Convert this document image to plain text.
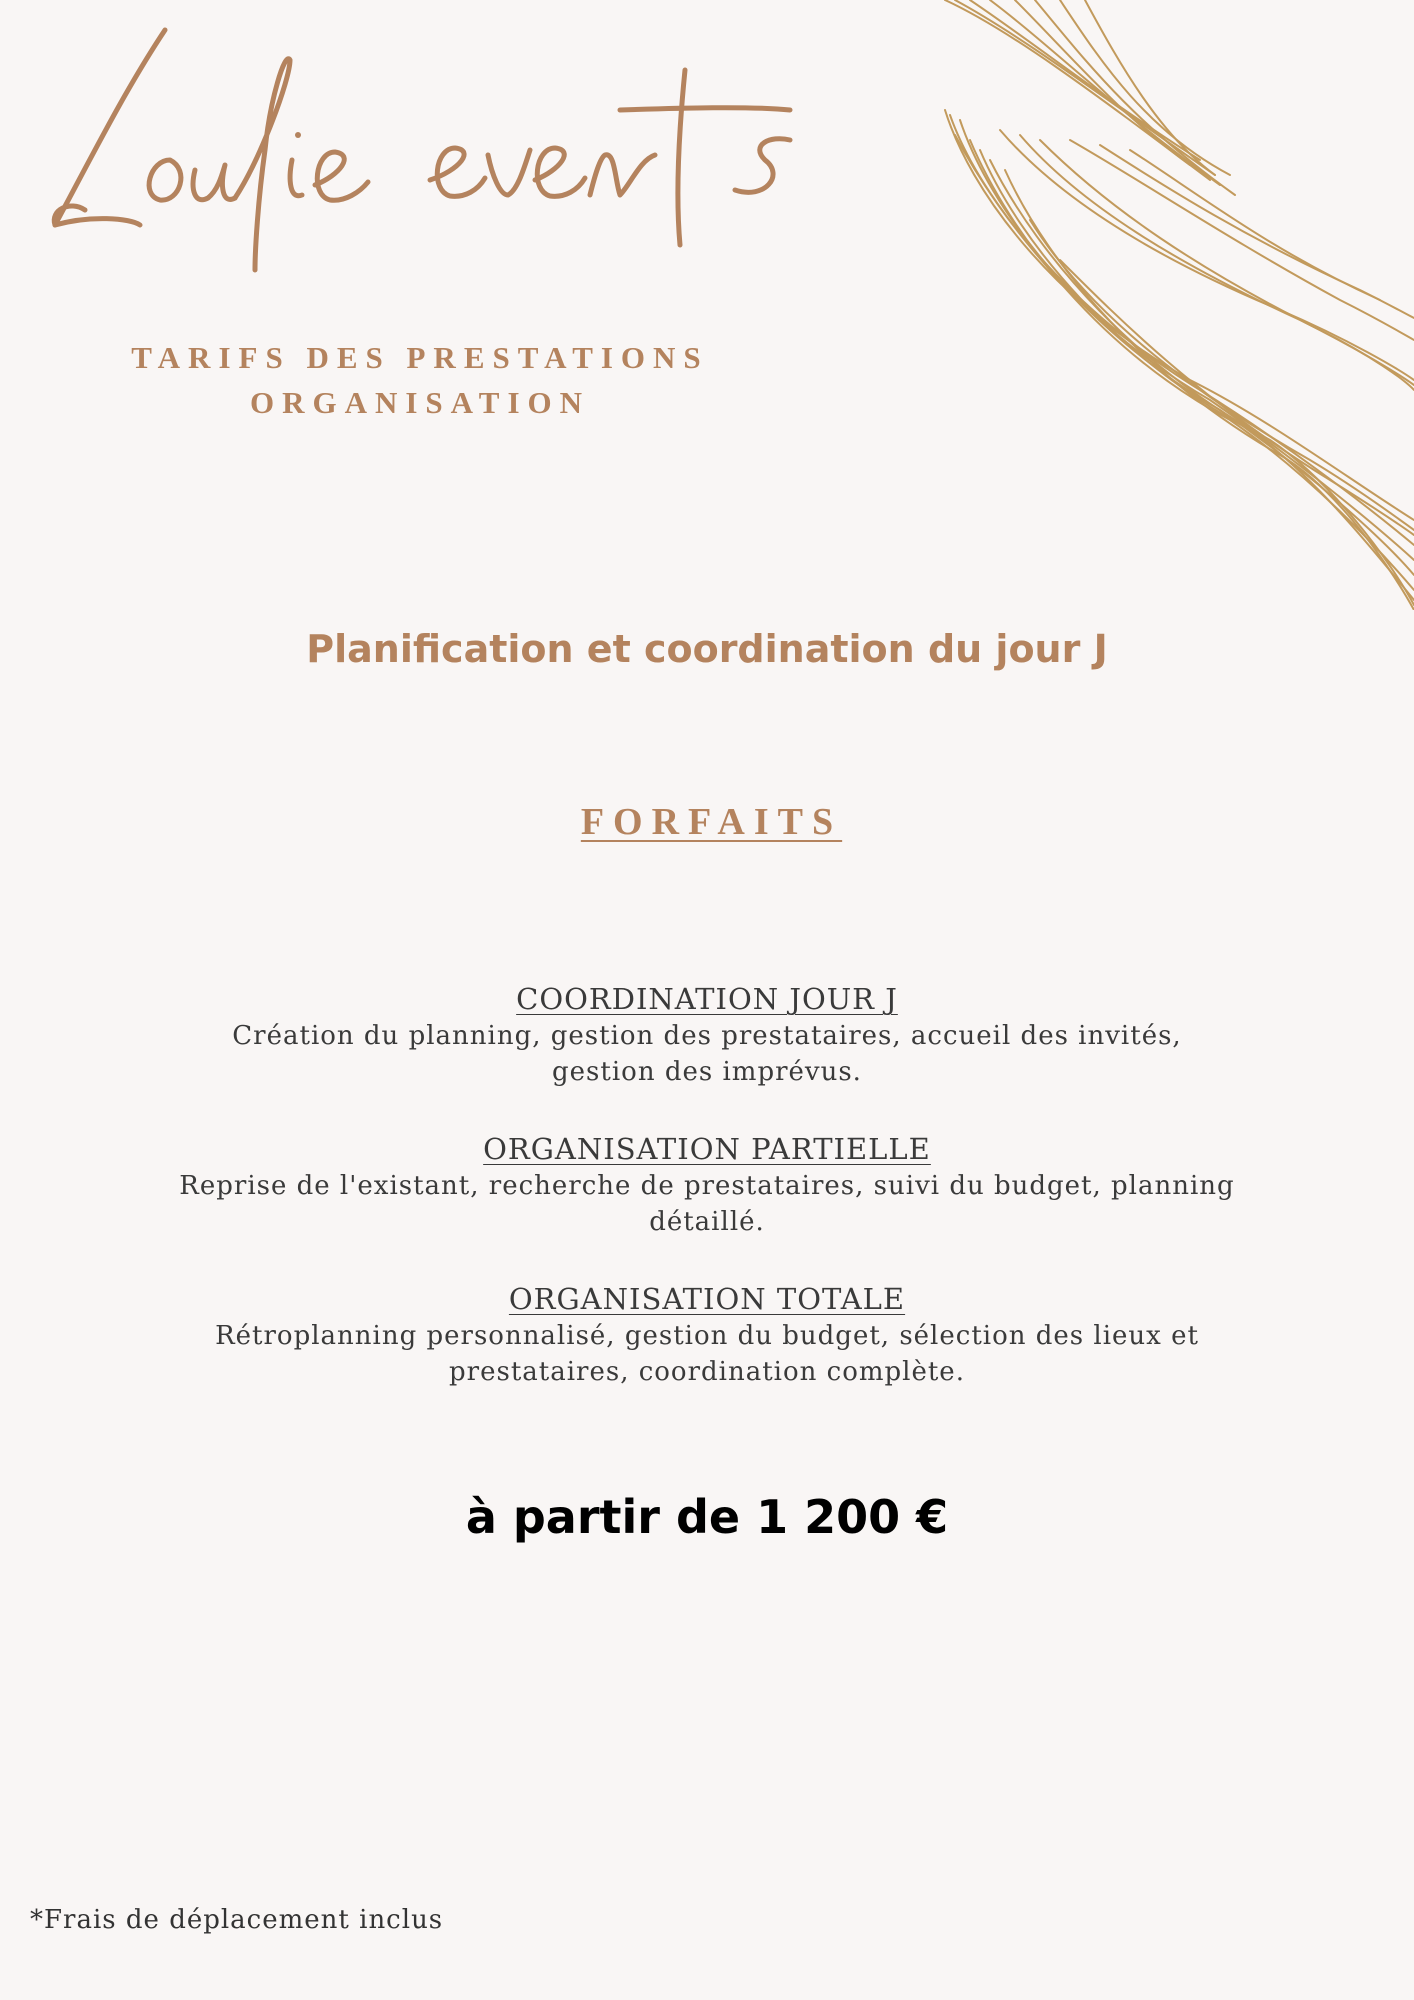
TARIFS DES PRESTATIONS
ORGANISATION
Planification et coordination du jour J
FORFAITS
COORDINATION JOUR J
Création du planning, gestion des prestataires, accueil des invités, gestion des imprévus.
ORGANISATION PARTIELLE
Reprise de l'existant, recherche de prestataires, suivi du budget, planning détaillé.
ORGANISATION TOTALE
Rétroplanning personnalisé, gestion du budget, sélection des lieux et prestataires, coordination complète.
à partir de 1 200 €
*Frais de déplacement inclus
